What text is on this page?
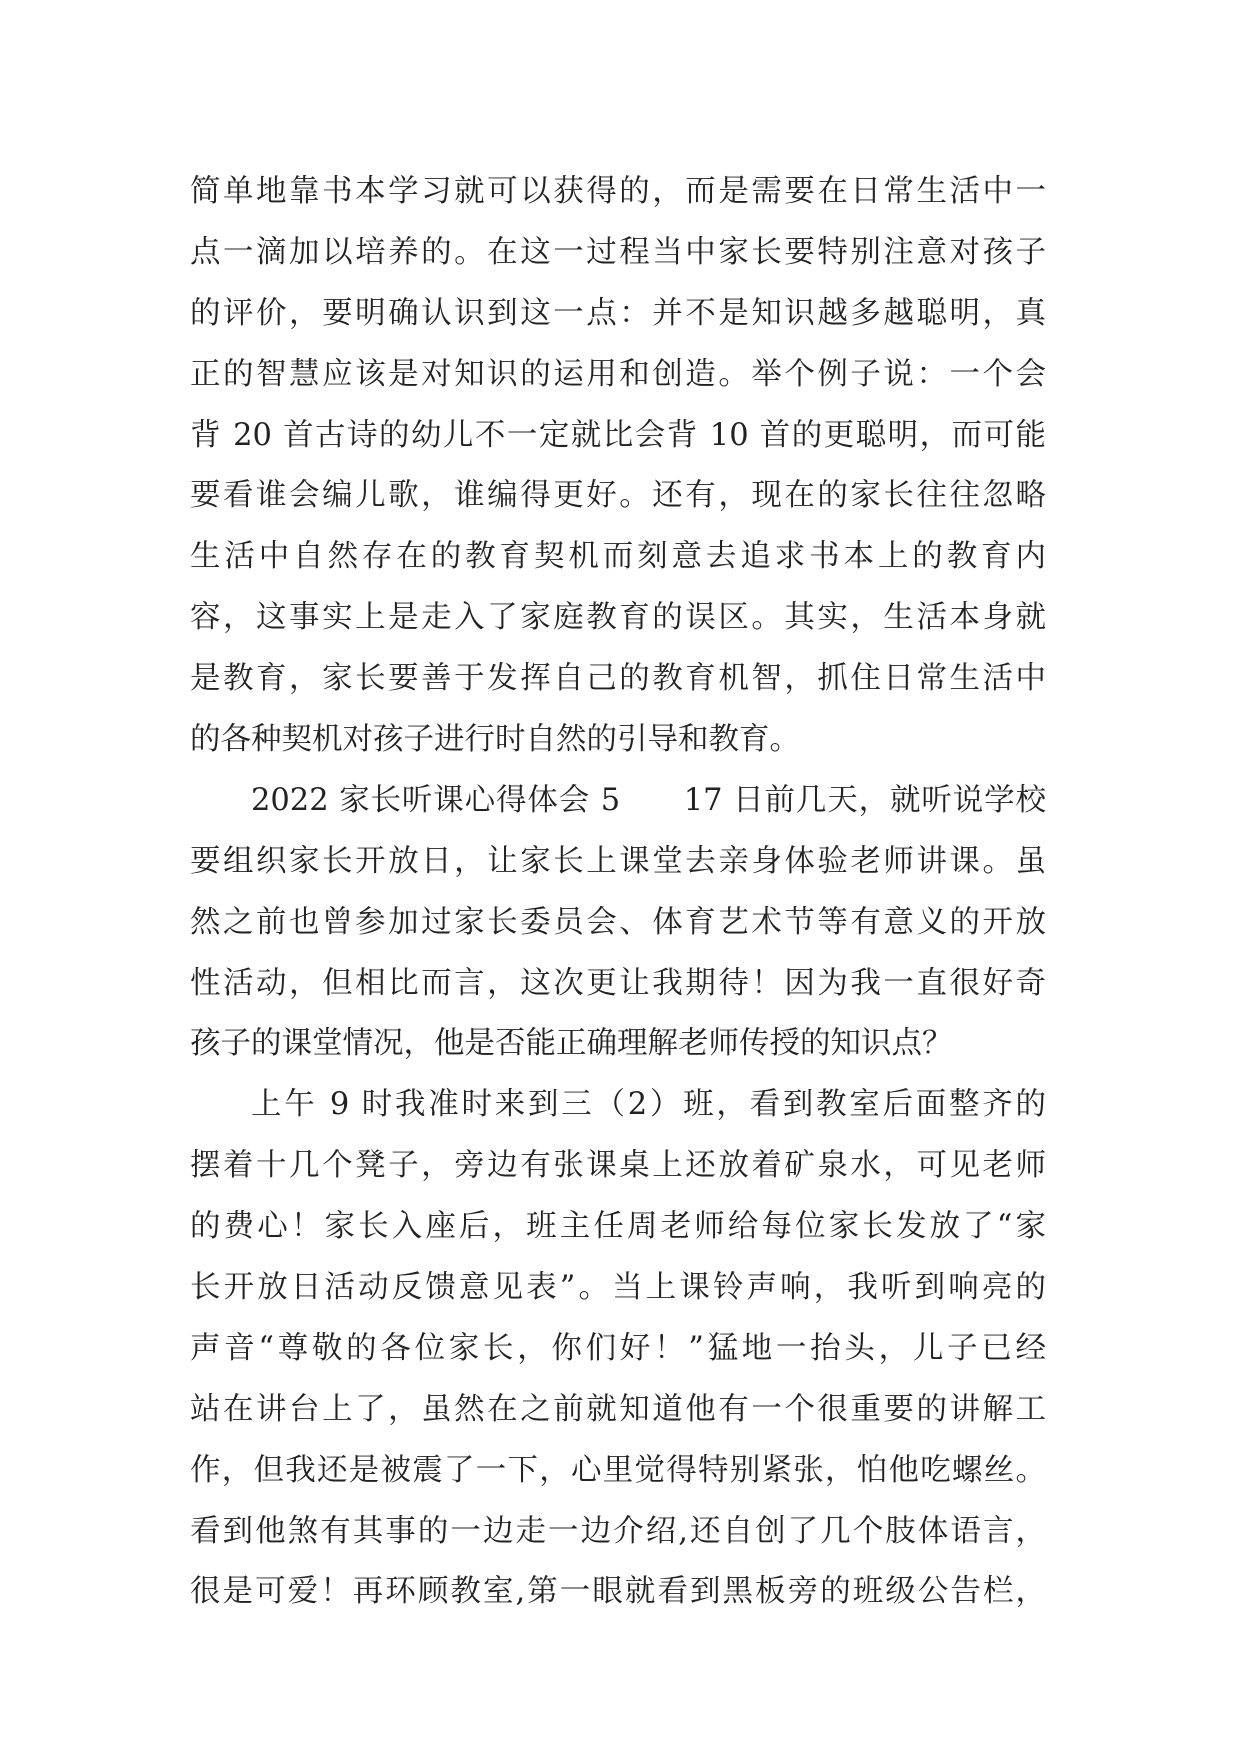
简单地靠书本学习就可以获得的，而是需要在日常生活中一
点一滴加以培养的。在这一过程当中家长要特别注意对孩子
的评价，要明确认识到这一点：并不是知识越多越聪明，真
正的智慧应该是对知识的运用和创造。举个例子说：一个会
背 20 首古诗的幼儿不一定就比会背 10 首的更聪明，而可能
要看谁会编儿歌，谁编得更好。还有，现在的家长往往忽略
生活中自然存在的教育契机而刻意去追求书本上的教育内
容，这事实上是走入了家庭教育的误区。其实，生活本身就
是教育，家长要善于发挥自己的教育机智，抓住日常生活中
的各种契机对孩子进行时自然的引导和教育。
2022 家长听课心得体会 5　　17 日前几天，就听说学校
要组织家长开放日，让家长上课堂去亲身体验老师讲课。虽
然之前也曾参加过家长委员会、体育艺术节等有意义的开放
性活动，但相比而言，这次更让我期待！因为我一直很好奇
孩子的课堂情况，他是否能正确理解老师传授的知识点？
上午 9 时我准时来到三（2）班，看到教室后面整齐的
摆着十几个凳子，旁边有张课桌上还放着矿泉水，可见老师
的费心！家长入座后，班主任周老师给每位家长发放了“家
长开放日活动反馈意见表”。当上课铃声响，我听到响亮的
声音“尊敬的各位家长，你们好！”猛地一抬头，儿子已经
站在讲台上了，虽然在之前就知道他有一个很重要的讲解工
作，但我还是被震了一下，心里觉得特别紧张，怕他吃螺丝。
看到他煞有其事的一边走一边介绍,还自创了几个肢体语言，
很是可爱！再环顾教室,第一眼就看到黑板旁的班级公告栏，
